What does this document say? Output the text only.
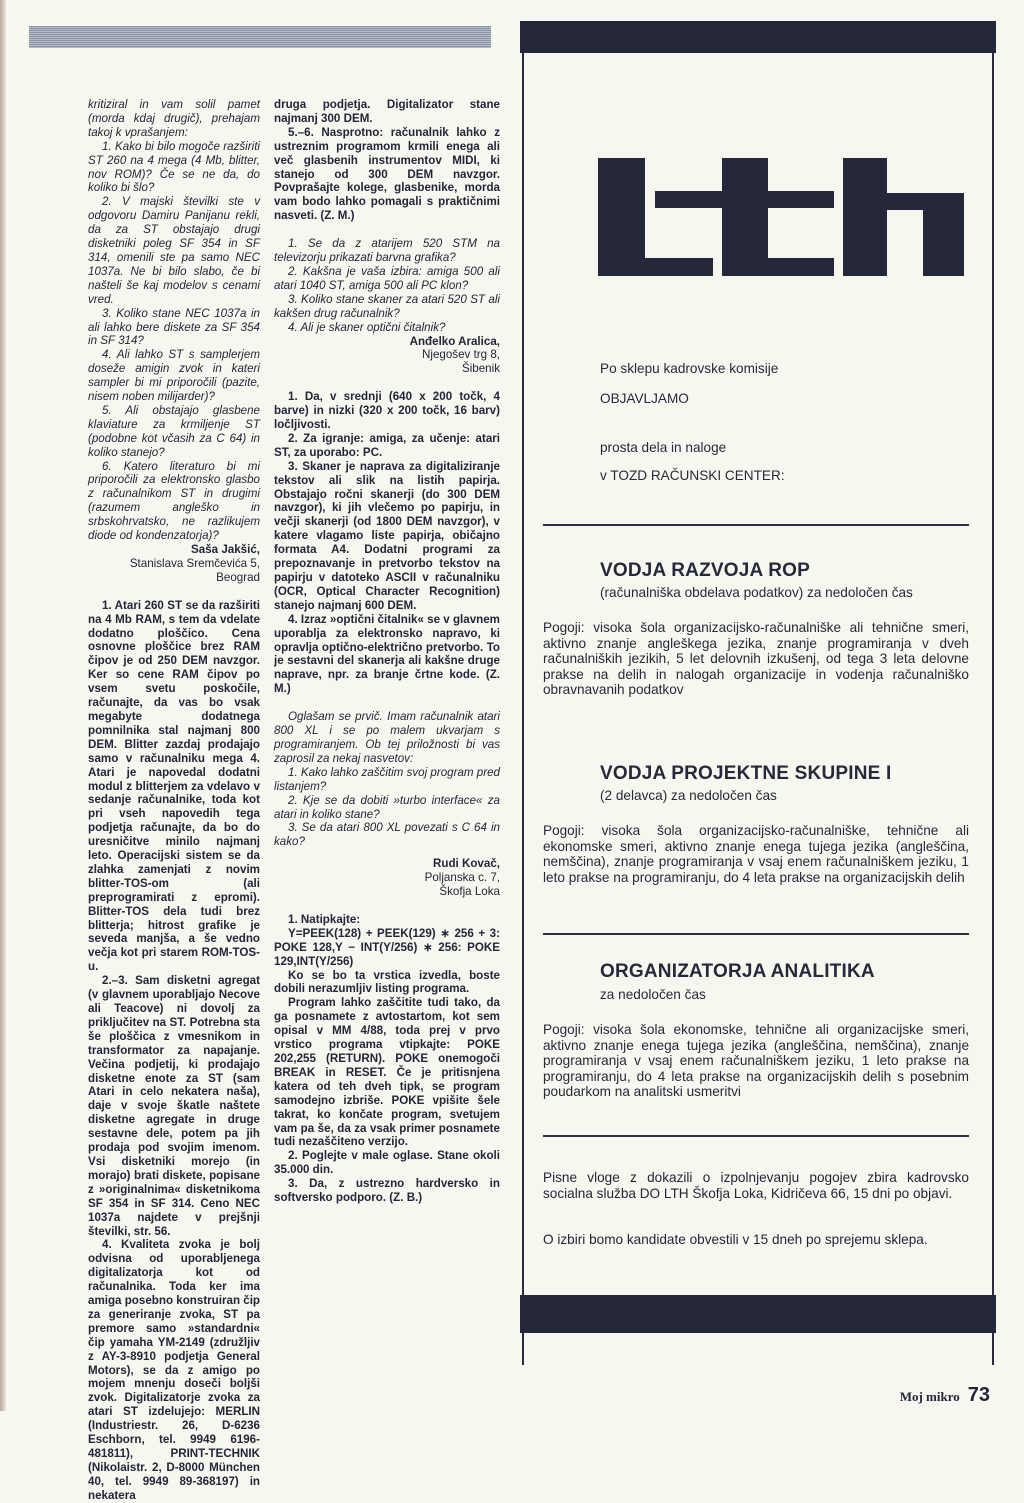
kritiziral in vam solil pamet (morda kdaj drugič), prehajam takoj k vprašanjem:

1. Kako bi bilo mogoče razširiti ST 260 na 4 mega (4 Mb, blitter, nov ROM)? Če se ne da, do koliko bi šlo?

2. V majski številki ste v odgovoru Damiru Panijanu rekli, da za ST obstajajo drugi disketniki poleg SF 354 in SF 314, omenili ste pa samo NEC 1037a. Ne bi bilo slabo, če bi našteli še kaj modelov s cenami vred.

3. Koliko stane NEC 1037a in ali lahko bere diskete za SF 354 in SF 314?

4. Ali lahko ST s samplerjem doseže amigin zvok in kateri sampler bi mi priporočili (pazite, nisem noben milijarder)?

5. Ali obstajajo glasbene klaviature za krmiljenje ST (podobne kot včasih za C 64) in koliko stanejo?

6. Katero literaturo bi mi priporočili za elektronsko glasbo z računalnikom ST in drugimi (razumem angleško in srbskohrvatsko, ne razlikujem diode od kondenzatorja)?

Saša Jakšić,
Stanislava Sremčevića 5,
Beograd

1. Atari 260 ST se da razširiti na 4 Mb RAM, s tem da vdelate dodatno ploščico. Cena osnovne ploščice brez RAM čipov je od 250 DEM navzgor. Ker so cene RAM čipov po vsem svetu poskočile, računajte, da vas bo vsak megabyte dodatnega pomnilnika stal najmanj 800 DEM. Blitter zazdaj prodajajo samo v računalniku mega 4. Atari je napovedal dodatni modul z blitterjem za vdelavo v sedanje računalnike, toda kot pri vseh napovedih tega podjetja računajte, da bo do uresničitve minilo najmanj leto. Operacijski sistem se da zlahka zamenjati z novim blitter-TOS-om (ali preprogramirati z epromi). Blitter-TOS dela tudi brez blitterja; hitrost grafike je seveda manjša, a še vedno večja kot pri starem ROM-TOS-u.

2.–3. Sam disketni agregat (v glavnem uporabljajo Necove ali Teacove) ni dovolj za priključitev na ST. Potrebna sta še ploščica z vmesnikom in transformator za napajanje. Večina podjetij, ki prodajajo disketne enote za ST (sam Atari in celo nekatera naša), daje v svoje škatle naštete disketne agregate in druge sestavne dele, potem pa jih prodaja pod svojim imenom. Vsi disketniki morejo (in morajo) brati diskete, popisane z »originalnima« disketnikoma SF 354 in SF 314. Ceno NEC 1037a najdete v prejšnji številki, str. 56.

4. Kvaliteta zvoka je bolj odvisna od uporabljenega digitalizatorja kot od računalnika. Toda ker ima amiga posebno konstruiran čip za generiranje zvoka, ST pa premore samo »standardni« čip yamaha YM-2149 (združljiv z AY-3-8910 podjetja General Motors), se da z amigo po mojem mnenju doseči boljši zvok. Digitalizatorje zvoka za atari ST izdelujejo: MERLIN (Industriestr. 26, D-6236 Eschborn, tel. 9949 6196-481811), PRINT-TECHNIK (Nikolaistr. 2, D-8000 München 40, tel. 9949 89-368197) in nekatera

druga podjetja. Digitalizator stane najmanj 300 DEM.

5.–6. Nasprotno: računalnik lahko z ustreznim programom krmili enega ali več glasbenih instrumentov MIDI, ki stanejo od 300 DEM navzgor. Povprašajte kolege, glasbenike, morda vam bodo lahko pomagali s praktičnimi nasveti. (Z. M.)

1. Se da z atarijem 520 STM na televizorju prikazati barvna grafika?

2. Kakšna je vaša izbira: amiga 500 ali atari 1040 ST, amiga 500 ali PC klon?

3. Koliko stane skaner za atari 520 ST ali kakšen drug računalnik?

4. Ali je skaner optični čitalnik?

Anđelko Aralica,
Njegošev trg 8,
Šibenik

1. Da, v srednji (640 x 200 točk, 4 barve) in nizki (320 x 200 točk, 16 barv) ločljivosti.

2. Za igranje: amiga, za učenje: atari ST, za uporabo: PC.

3. Skaner je naprava za digitaliziranje tekstov ali slik na listih papirja. Obstajajo ročni skanerji (do 300 DEM navzgor), ki jih vlečemo po papirju, in večji skanerji (od 1800 DEM navzgor), v katere vlagamo liste papirja, običajno formata A4. Dodatni programi za prepoznavanje in pretvorbo tekstov na papirju v datoteko ASCII v računalniku (OCR, Optical Character Recognition) stanejo najmanj 600 DEM.

4. Izraz »optični čitalnik« se v glavnem uporablja za elektronsko napravo, ki opravlja optično-električno pretvorbo. To je sestavni del skanerja ali kakšne druge naprave, npr. za branje črtne kode. (Z. M.)

Oglašam se prvič. Imam računalnik atari 800 XL i se po malem ukvarjam s programiranjem. Ob tej priložnosti bi vas zaprosil za nekaj nasvetov:

1. Kako lahko zaščitim svoj program pred listanjem?

2. Kje se da dobiti »turbo interface« za atari in koliko stane?

3. Se da atari 800 XL povezati s C 64 in kako?

Rudi Kovač,
Poljanska c. 7,
Škofja Loka

1. Natipkajte:

Y=PEEK(128) + PEEK(129) ∗ 256 + 3: POKE 128,Y − INT(Y/256) ∗ 256: POKE 129,INT(Y/256)

Ko se bo ta vrstica izvedla, boste dobili nerazumljiv listing programa.

Program lahko zaščitite tudi tako, da ga posnamete z avtostartom, kot sem opisal v MM 4/88, toda prej v prvo vrstico programa vtipkajte: POKE 202,255 (RETURN). POKE onemogoči BREAK in RESET. Če je pritisnjena katera od teh dveh tipk, se program samodejno izbriše. POKE vpišite šele takrat, ko končate program, svetujem vam pa še, da za vsak primer posnamete tudi nezaščiteno verzijo.

2. Poglejte v male oglase. Stane okoli 35.000 din.

3. Da, z ustrezno hardversko in softversko podporo. (Z. B.)

Po sklepu kadrovske komisije
OBJAVLJAMO
prosta dela in naloge
v TOZD RAČUNSKI CENTER:
VODJA RAZVOJA ROP
(računalniška obdelava podatkov) za nedoločen čas
Pogoji: visoka šola organizacijsko-računalniške ali tehnične smeri, aktivno znanje angleškega jezika, znanje programiranja v dveh računalniških jezikih, 5 let delovnih izkušenj, od tega 3 leta delovne prakse na delih in nalogah organizacije in vodenja računalniško obravnavanih podatkov
VODJA PROJEKTNE SKUPINE I
(2 delavca) za nedoločen čas
Pogoji: visoka šola organizacijsko-računalniške, tehnične ali ekonomske smeri, aktivno znanje enega tujega jezika (angleščina, nemščina), znanje programiranja v vsaj enem računalniškem jeziku, 1 leto prakse na programiranju, do 4 leta prakse na organizacijskih delih
ORGANIZATORJA ANALITIKA
za nedoločen čas
Pogoji: visoka šola ekonomske, tehnične ali organizacijske smeri, aktivno znanje enega tujega jezika (angleščina, nemščina), znanje programiranja v vsaj enem računalniškem jeziku, 1 leto prakse na programiranju, do 4 leta prakse na organizacijskih delih s posebnim poudarkom na analitski usmeritvi
Pisne vloge z dokazili o izpolnjevanju pogojev zbira kadrovsko socialna služba DO LTH Škofja Loka, Kidričeva 66, 15 dni po objavi.
O izbiri bomo kandidate obvestili v 15 dneh po sprejemu sklepa.
Moj mikro 73
